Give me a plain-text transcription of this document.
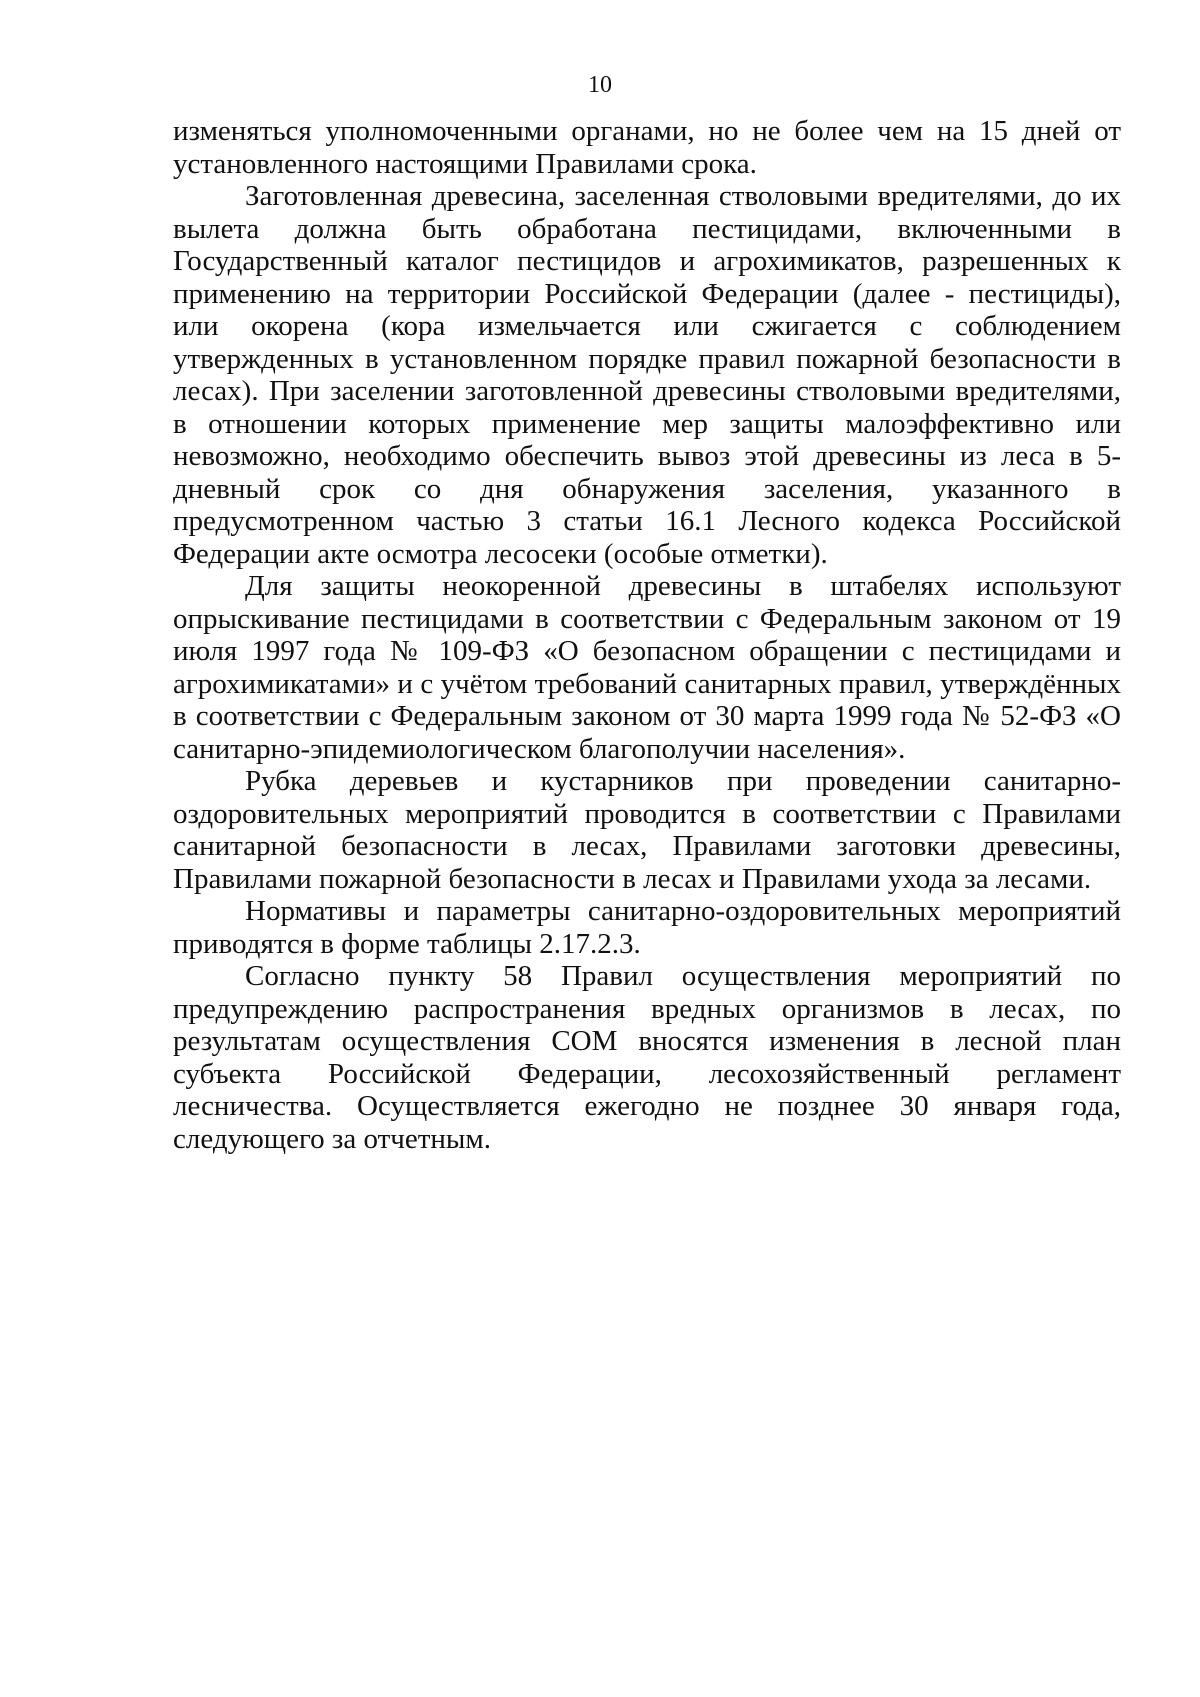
10

изменяться уполномоченными органами, но не более чем на 15 дней от установленного настоящими Правилами срока.

Заготовленная древесина, заселенная стволовыми вредителями, до их вылета должна быть обработана пестицидами, включенными в Государственный каталог пестицидов и агрохимикатов, разрешенных к применению на территории Российской Федерации (далее - пестициды), или окорена (кора измельчается или сжигается с соблюдением утвержденных в установленном порядке правил пожарной безопасности в лесах). При заселении заготовленной древесины стволовыми вредителями, в отношении которых применение мер защиты малоэффективно или невозможно, необходимо обеспечить вывоз этой древесины из леса в 5-дневный срок со дня обнаружения заселения, указанного в предусмотренном частью 3 статьи 16.1 Лесного кодекса Российской Федерации акте осмотра лесосеки (особые отметки).

Для защиты неокоренной древесины в штабелях используют опрыскивание пестицидами в соответствии с Федеральным законом от 19 июля 1997 года № 109-ФЗ «О безопасном обращении с пестицидами и агрохимикатами» и с учётом требований санитарных правил, утверждённых в соответствии с Федеральным законом от 30 марта 1999 года № 52-ФЗ «О санитарно-эпидемиологическом благополучии населения».

Рубка деревьев и кустарников при проведении санитарно-оздоровительных мероприятий проводится в соответствии с Правилами санитарной безопасности в лесах, Правилами заготовки древесины, Правилами пожарной безопасности в лесах и Правилами ухода за лесами.

Нормативы и параметры санитарно-оздоровительных мероприятий приводятся в форме таблицы 2.17.2.3.

Согласно пункту 58 Правил осуществления мероприятий по предупреждению распространения вредных организмов в лесах, по результатам осуществления СОМ вносятся изменения в лесной план субъекта Российской Федерации, лесохозяйственный регламент лесничества. Осуществляется ежегодно не позднее 30 января года, следующего за отчетным.
